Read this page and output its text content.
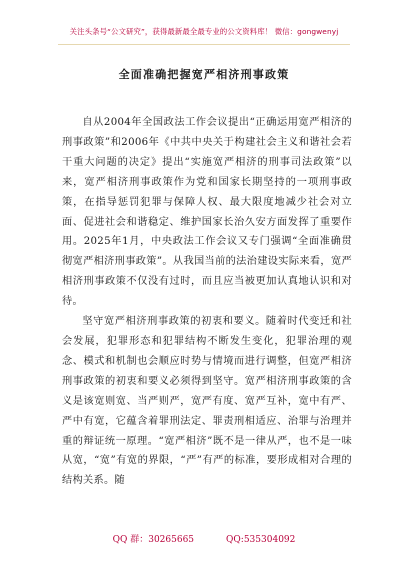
关注头条号“公文研究”，获得最新最全最专业的公文资料库！ 微信：gongwenyj
全面准确把握宽严相济刑事政策

自从2004年全国政法工作会议提出“正确运用宽严相济的刑事政策”和2006年《中共中央关于构建社会主义和谐社会若干重大问题的决定》提出“实施宽严相济的刑事司法政策”以来，宽严相济刑事政策作为党和国家长期坚持的一项刑事政策，在指导惩罚犯罪与保障人权、最大限度地减少社会对立面、促进社会和谐稳定、维护国家长治久安方面发挥了重要作用。2025年1月，中央政法工作会议又专门强调“全面准确贯彻宽严相济刑事政策”。从我国当前的法治建设实际来看，宽严相济刑事政策不仅没有过时，而且应当被更加认真地认识和对待。

坚守宽严相济刑事政策的初衷和要义。随着时代变迁和社会发展，犯罪形态和犯罪结构不断发生变化，犯罪治理的观念、模式和机制也会顺应时势与情境而进行调整，但宽严相济刑事政策的初衷和要义必须得到坚守。宽严相济刑事政策的含义是该宽则宽、当严则严，宽严有度、宽严互补，宽中有严、严中有宽，它蕴含着罪刑法定、罪责刑相适应、治罪与治理并重的辩证统一原理。“宽严相济”既不是一律从严，也不是一味从宽，“宽”有宽的界限，“严”有严的标准，要形成相对合理的结构关系。随

QQ 群：30265665	QQ:535304092
